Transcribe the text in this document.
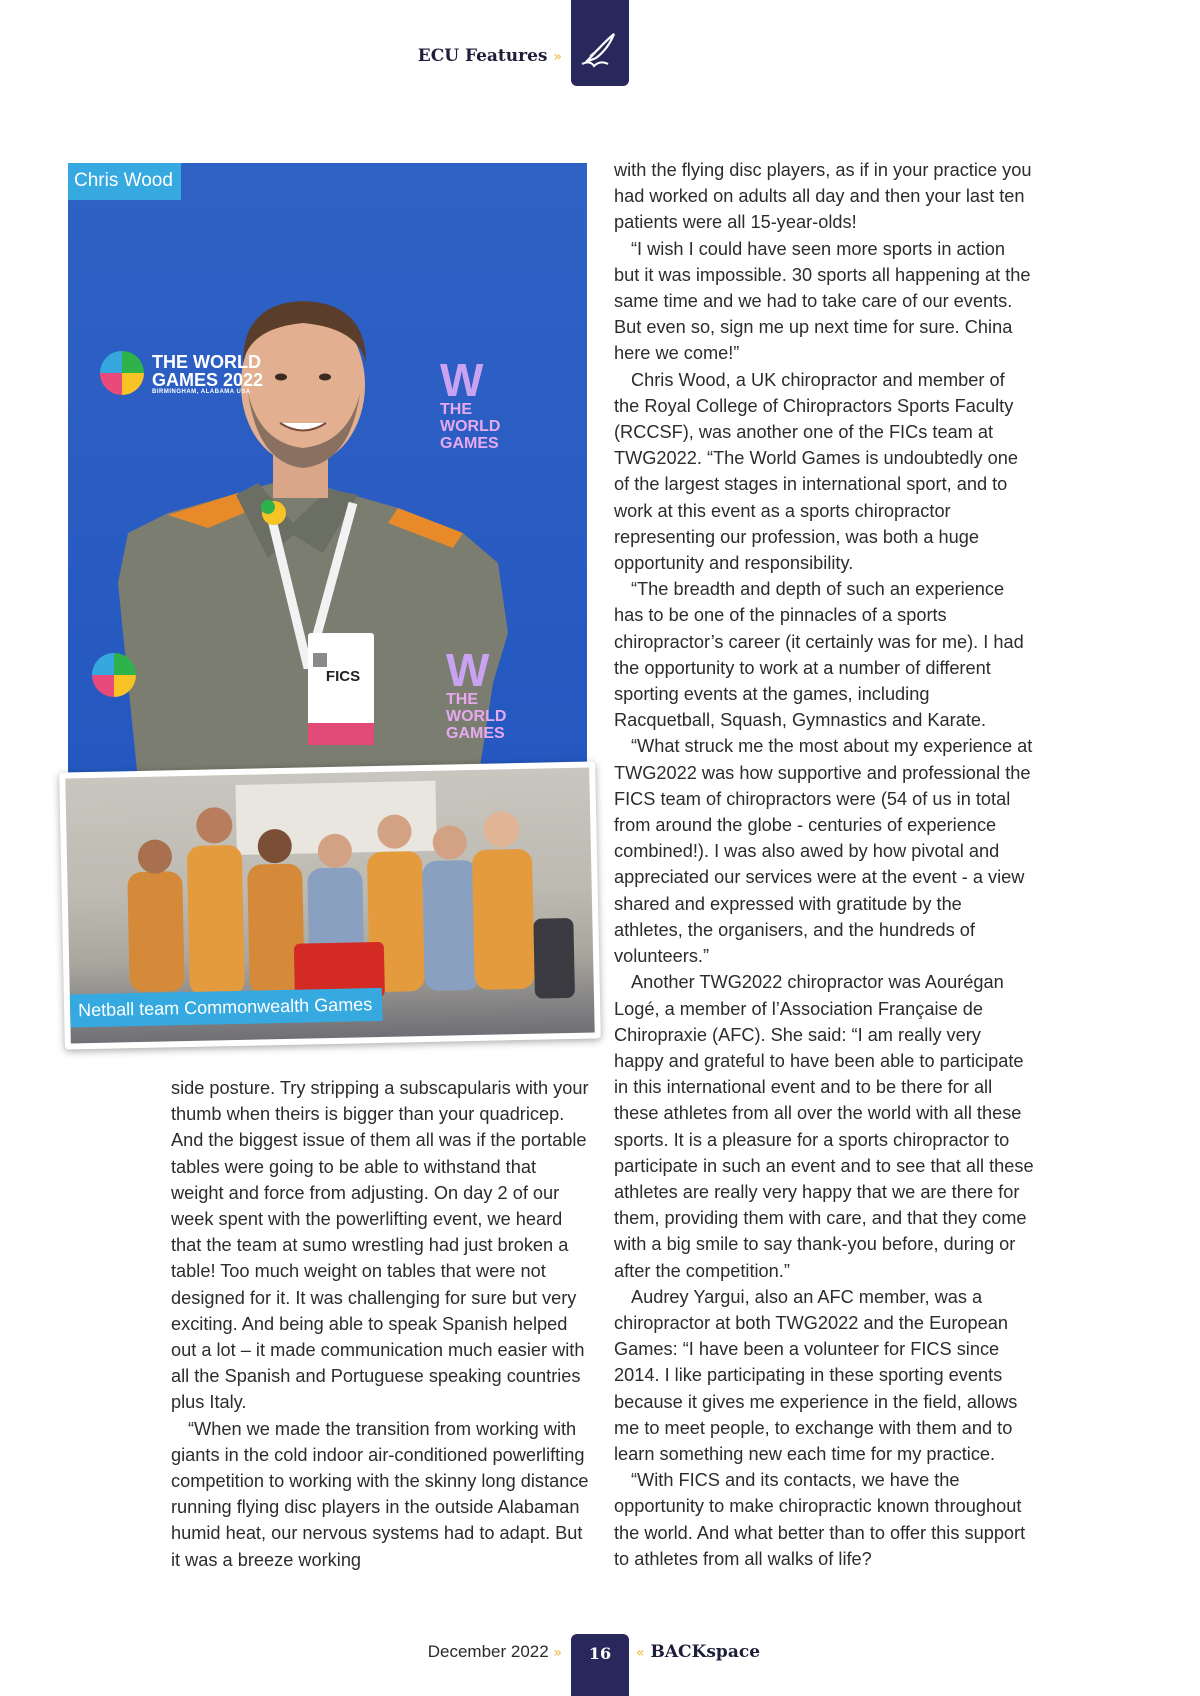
ECU Features »
THE WORLD
GAMES 2022
BIRMINGHAM, ALABAMA USA	W
THE
WORLD
GAMES
W
THE
WORLD
GAMES
FICS
Chris Wood
Netball team Commonwealth Games

with the flying disc players, as if in your practice you had worked on adults all day and then your last ten patients were all 15-year-olds!

“I wish I could have seen more sports in action but it was impossible. 30 sports all happening at the same time and we had to take care of our events. But even so, sign me up next time for sure. China here we come!”

Chris Wood, a UK chiropractor and member of the Royal College of Chiropractors Sports Faculty (RCCSF), was another one of the FICs team at TWG2022. “The World Games is undoubtedly one of the largest stages in international sport, and to work at this event as a sports chiropractor representing our profession, was both a huge opportunity and responsibility.

“The breadth and depth of such an experience has to be one of the pinnacles of a sports chiropractor’s career (it certainly was for me). I had the opportunity to work at a number of different sporting events at the games, including Racquetball, Squash, Gymnastics and Karate.

“What struck me the most about my experience at TWG2022 was how supportive and professional the FICS team of chiropractors were (54 of us in total from around the globe - centuries of experience combined!). I was also awed by how pivotal and appreciated our services were at the event - a view shared and expressed with gratitude by the athletes, the organisers, and the hundreds of volunteers.”

Another TWG2022 chiropractor was Aourégan Logé, a member of l’Association Française de Chiropraxie (AFC). She said: “I am really very happy and grateful to have been able to participate in this international event and to be there for all these athletes from all over the world with all these sports. It is a pleasure for a sports chiropractor to participate in such an event and to see that all these athletes are really very happy that we are there for them, providing them with care, and that they come with a big smile to say thank-you before, during or after the competition.”

Audrey Yargui, also an AFC member, was a chiropractor at both TWG2022 and the European Games: “I have been a volunteer for FICS since 2014. I like participating in these sporting events because it gives me experience in the field, allows me to meet people, to exchange with them and to learn something new each time for my practice.

“With FICS and its contacts, we have the opportunity to make chiropractic known throughout the world. And what better than to offer this support to athletes from all walks of life?

side posture. Try stripping a subscapularis with your thumb when theirs is bigger than your quadricep. And the biggest issue of them all was if the portable tables were going to be able to withstand that weight and force from adjusting. On day 2 of our week spent with the powerlifting event, we heard that the team at sumo wrestling had just broken a table! Too much weight on tables that were not designed for it. It was challenging for sure but very exciting. And being able to speak Spanish helped out a lot – it made communication much easier with all the Spanish and Portuguese speaking countries plus Italy.

“When we made the transition from working with giants in the cold indoor air-conditioned powerlifting competition to working with the skinny long distance running flying disc players in the outside Alabaman humid heat, our nervous systems had to adapt. But it was a breeze working

December 2022 »	16	« BACKspace
